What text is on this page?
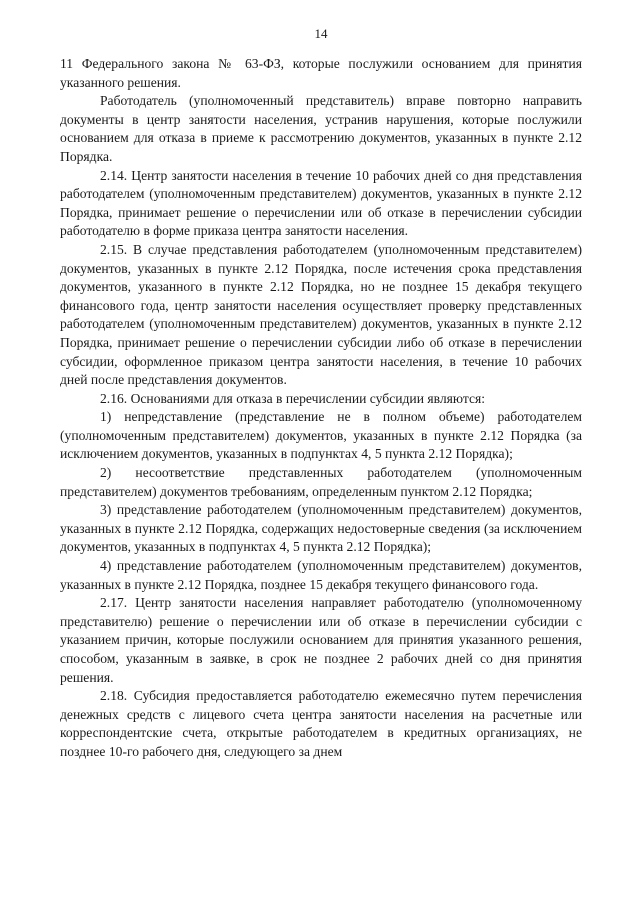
14

11 Федерального закона № 63-ФЗ, которые послужили основанием для принятия указанного решения.

Работодатель (уполномоченный представитель) вправе повторно направить документы в центр занятости населения, устранив нарушения, которые послужили основанием для отказа в приеме к рассмотрению документов, указанных в пункте 2.12 Порядка.

2.14. Центр занятости населения в течение 10 рабочих дней со дня представления работодателем (уполномоченным представителем) документов, указанных в пункте 2.12 Порядка, принимает решение о перечислении или об отказе в перечислении субсидии работодателю в форме приказа центра занятости населения.

2.15. В случае представления работодателем (уполномоченным представителем) документов, указанных в пункте 2.12 Порядка, после истечения срока представления документов, указанного в пункте 2.12 Порядка, но не позднее 15 декабря текущего финансового года, центр занятости населения осуществляет проверку представленных работодателем (уполномоченным представителем) документов, указанных в пункте 2.12 Порядка, принимает решение о перечислении субсидии либо об отказе в перечислении субсидии, оформленное приказом центра занятости населения, в течение 10 рабочих дней после представления документов.

2.16. Основаниями для отказа в перечислении субсидии являются:

1) непредставление (представление не в полном объеме) работодателем (уполномоченным представителем) документов, указанных в пункте 2.12 Порядка (за исключением документов, указанных в подпунктах 4, 5 пункта 2.12 Порядка);

2) несоответствие представленных работодателем (уполномоченным представителем) документов требованиям, определенным пунктом 2.12 Порядка;

3) представление работодателем (уполномоченным представителем) документов, указанных в пункте 2.12 Порядка, содержащих недостоверные сведения (за исключением документов, указанных в подпунктах 4, 5 пункта 2.12 Порядка);

4) представление работодателем (уполномоченным представителем) документов, указанных в пункте 2.12 Порядка, позднее 15 декабря текущего финансового года.

2.17. Центр занятости населения направляет работодателю (уполномоченному представителю) решение о перечислении или об отказе в перечислении субсидии с указанием причин, которые послужили основанием для принятия указанного решения, способом, указанным в заявке, в срок не позднее 2 рабочих дней со дня принятия решения.

2.18. Субсидия предоставляется работодателю ежемесячно путем перечисления денежных средств с лицевого счета центра занятости населения на расчетные или корреспондентские счета, открытые работодателем в кредитных организациях, не позднее 10-го рабочего дня, следующего за днем
